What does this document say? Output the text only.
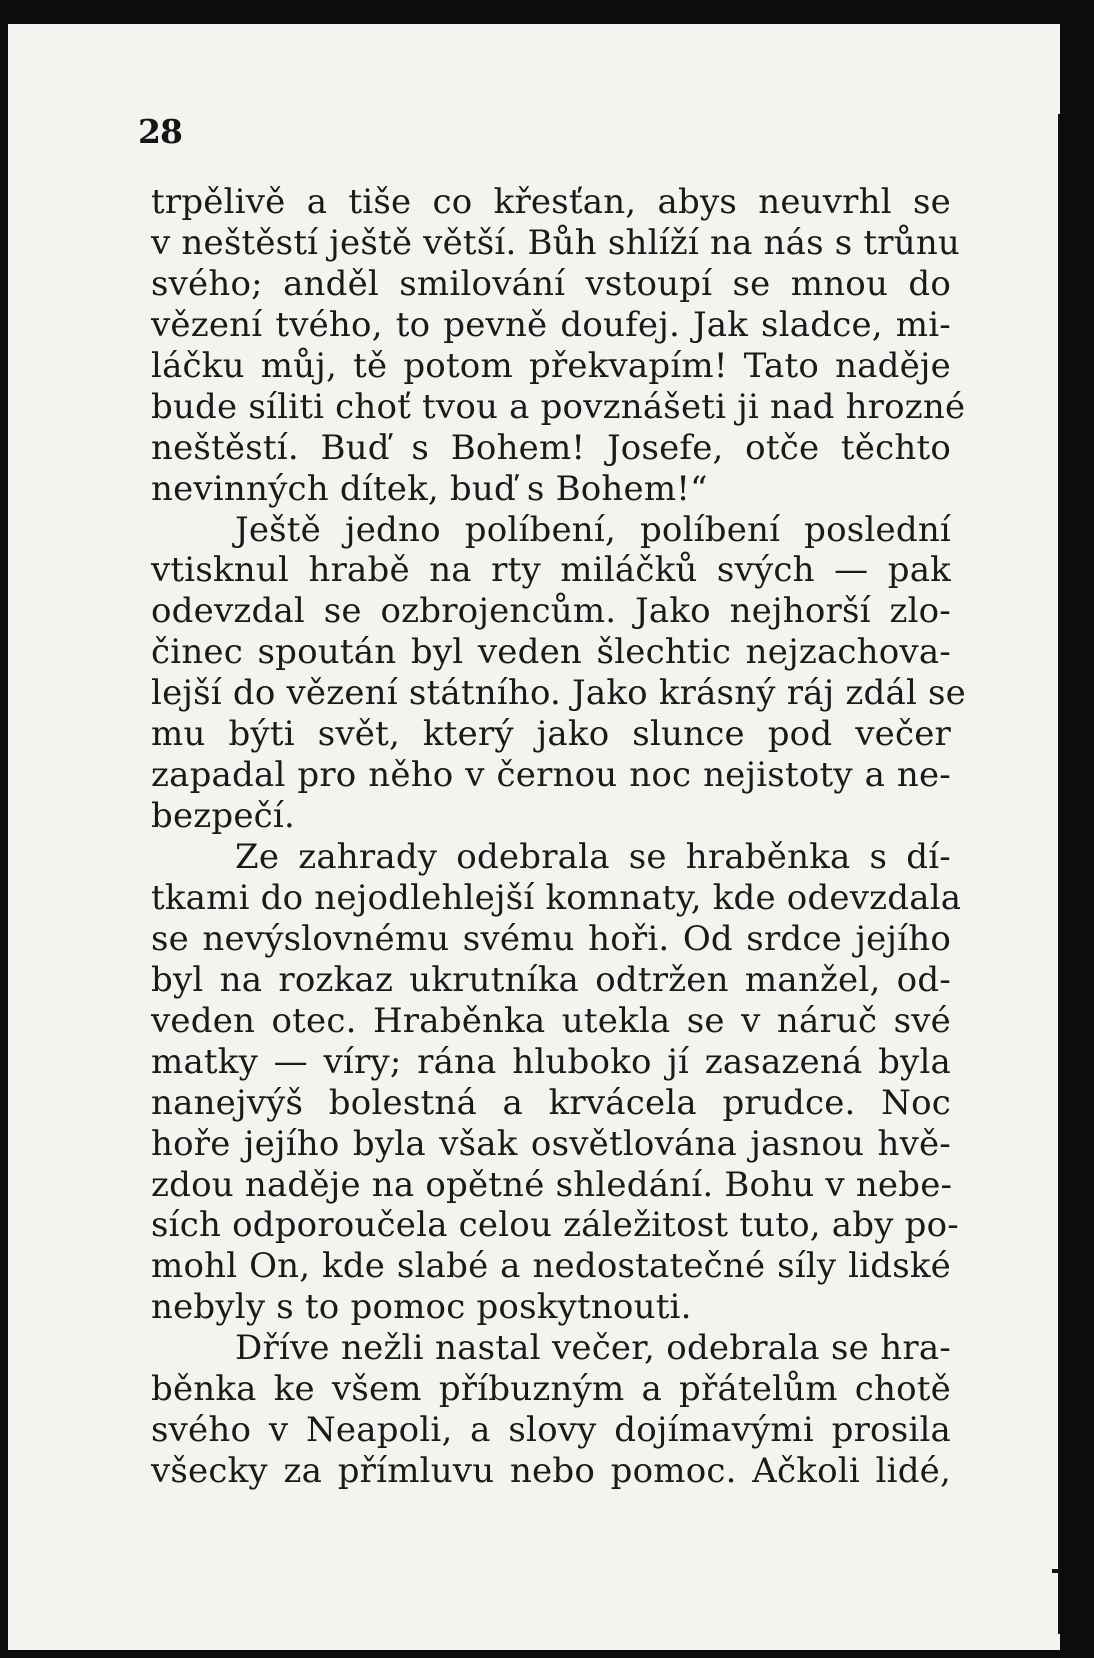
28
trpělivě a tiše co křesťan, abys neuvrhl se
v neštěstí ještě větší. Bůh shlíží na nás s trůnu
svého; anděl smilování vstoupí se mnou do
vězení tvého, to pevně doufej. Jak sladce, mi-
láčku můj, tě potom překvapím! Tato naděje
bude síliti choť tvou a povznášeti ji nad hrozné
neštěstí. Buď s Bohem! Josefe, otče těchto
nevinných dítek, buď s Bohem!“
Ještě jedno políbení, políbení poslední
vtisknul hrabě na rty miláčků svých — pak
odevzdal se ozbrojencům. Jako nejhorší zlo-
činec spoután byl veden šlechtic nejzachova-
lejší do vězení státního. Jako krásný ráj zdál se
mu býti svět, který jako slunce pod večer
zapadal pro něho v černou noc nejistoty a ne-
bezpečí.
Ze zahrady odebrala se hraběnka s dí-
tkami do nejodlehlejší komnaty, kde odevzdala
se nevýslovnému svému hoři. Od srdce jejího
byl na rozkaz ukrutníka odtržen manžel, od-
veden otec. Hraběnka utekla se v náruč své
matky — víry; rána hluboko jí zasazená byla
nanejvýš bolestná a krvácela prudce. Noc
hoře jejího byla však osvětlována jasnou hvě-
zdou naděje na opětné shledání. Bohu v nebe-
sích odporoučela celou záležitost tuto, aby po-
mohl On, kde slabé a nedostatečné síly lidské
nebyly s to pomoc poskytnouti.
Dříve nežli nastal večer, odebrala se hra-
běnka ke všem příbuzným a přátelům chotě
svého v Neapoli, a slovy dojímavými prosila
všecky za přímluvu nebo pomoc. Ačkoli lidé,
